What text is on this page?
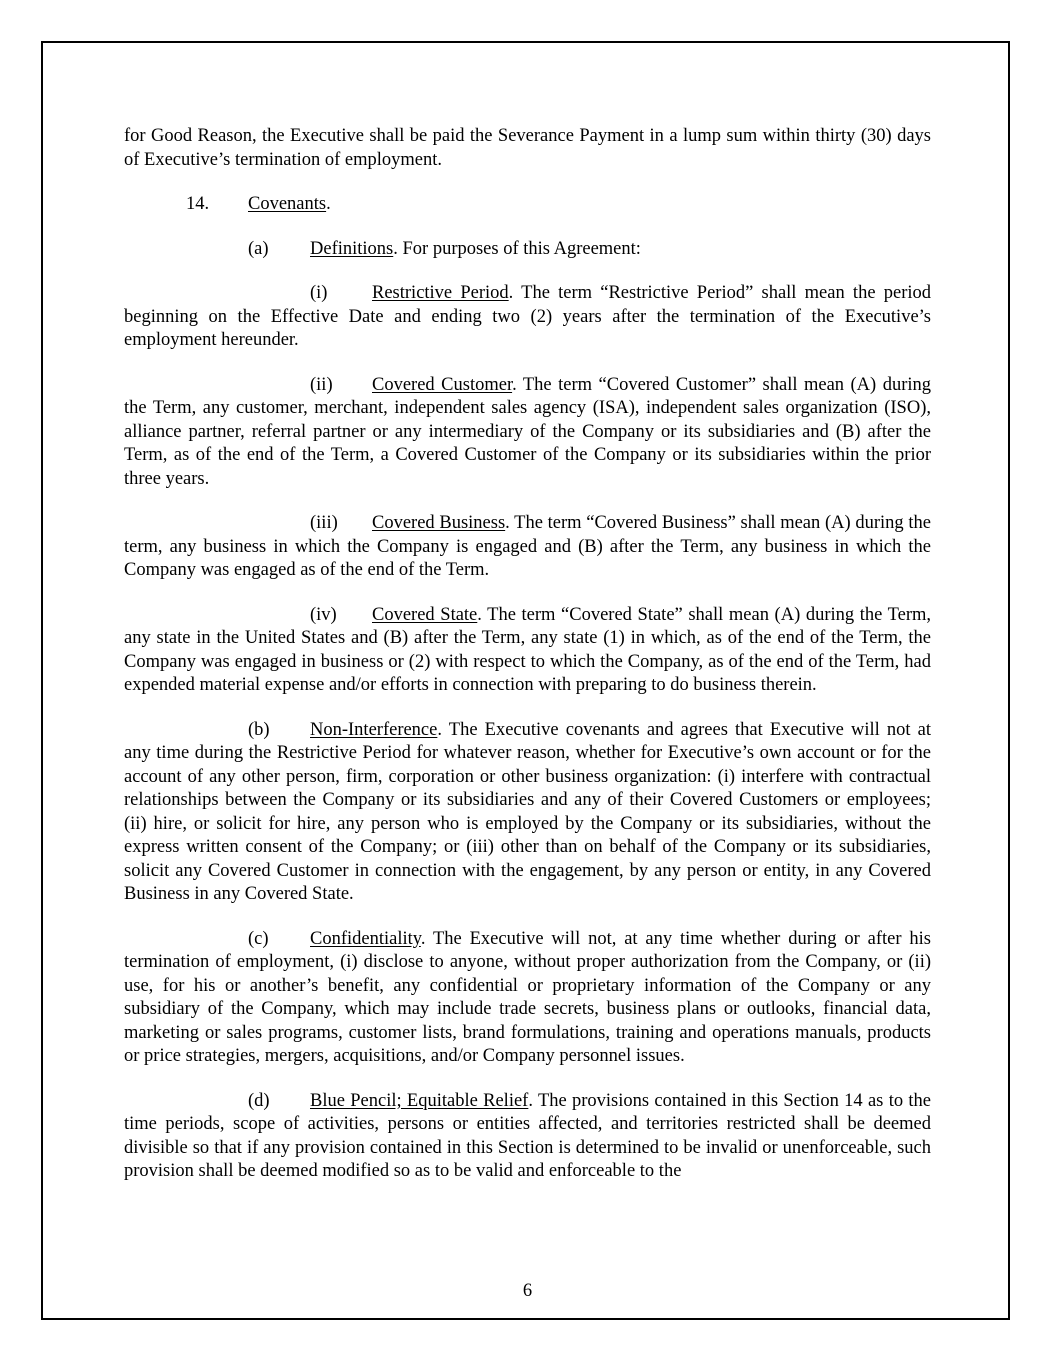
for Good Reason, the Executive shall be paid the Severance Payment in a lump sum within thirty (30) days of Executive’s termination of employment.

14. Covenants.

(a) Definitions. For purposes of this Agreement:

(i) Restrictive Period. The term “Restrictive Period” shall mean the period beginning on the Effective Date and ending two (2) years after the termination of the Executive’s employment hereunder.

(ii) Covered Customer. The term “Covered Customer” shall mean (A) during the Term, any customer, merchant, independent sales agency (ISA), independent sales organization (ISO), alliance partner, referral partner or any intermediary of the Company or its subsidiaries and (B) after the Term, as of the end of the Term, a Covered Customer of the Company or its subsidiaries within the prior three years.

(iii) Covered Business. The term “Covered Business” shall mean (A) during the term, any business in which the Company is engaged and (B) after the Term, any business in which the Company was engaged as of the end of the Term.

(iv) Covered State. The term “Covered State” shall mean (A) during the Term, any state in the United States and (B) after the Term, any state (1) in which, as of the end of the Term, the Company was engaged in business or (2) with respect to which the Company, as of the end of the Term, had expended material expense and/or efforts in connection with preparing to do business therein.

(b) Non-Interference. The Executive covenants and agrees that Executive will not at any time during the Restrictive Period for whatever reason, whether for Executive’s own account or for the account of any other person, firm, corporation or other business organization: (i) interfere with contractual relationships between the Company or its subsidiaries and any of their Covered Customers or employees; (ii) hire, or solicit for hire, any person who is employed by the Company or its subsidiaries, without the express written consent of the Company; or (iii) other than on behalf of the Company or its subsidiaries, solicit any Covered Customer in connection with the engagement, by any person or entity, in any Covered Business in any Covered State.

(c) Confidentiality. The Executive will not, at any time whether during or after his termination of employment, (i) disclose to anyone, without proper authorization from the Company, or (ii) use, for his or another’s benefit, any confidential or proprietary information of the Company or any subsidiary of the Company, which may include trade secrets, business plans or outlooks, financial data, marketing or sales programs, customer lists, brand formulations, training and operations manuals, products or price strategies, mergers, acquisitions, and/or Company personnel issues.

(d) Blue Pencil; Equitable Relief. The provisions contained in this Section 14 as to the time periods, scope of activities, persons or entities affected, and territories restricted shall be deemed divisible so that if any provision contained in this Section is determined to be invalid or unenforceable, such provision shall be deemed modified so as to be valid and enforceable to the

6
